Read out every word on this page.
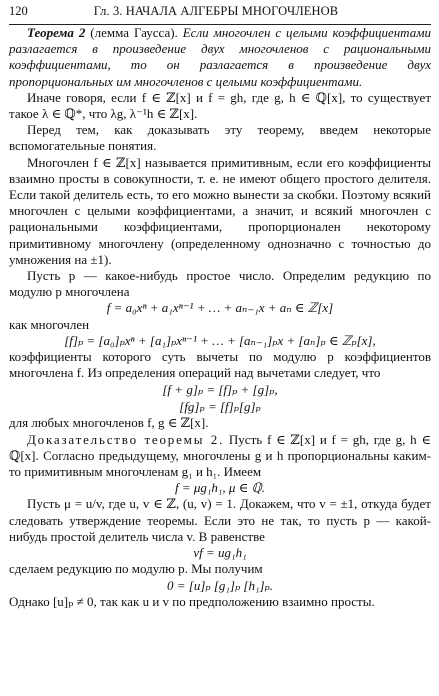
120	Гл. 3. НАЧАЛА АЛГЕБРЫ МНОГОЧЛЕНОВ

Теорема 2 (лемма Гаусса). Если многочлен с целыми коэффициентами разлагается в произведение двух многочленов с рациональными коэффициентами, то он разлагается в произведение двух пропорциональных им многочленов с целыми коэффициентами.

Иначе говоря, если f ∈ ℤ[x] и f = gh, где g, h ∈ ℚ[x], то существует такое λ ∈ ℚ*, что λg, λ⁻¹h ∈ ℤ[x].

Перед тем, как доказывать эту теорему, введем некоторые вспомогательные понятия.

Многочлен f ∈ ℤ[x] называется примитивным, если его коэффициенты взаимно просты в совокупности, т. е. не имеют общего простого делителя. Если такой делитель есть, то его можно вынести за скобки. Поэтому всякий многочлен с целыми коэффициентами, а значит, и всякий многочлен с рациональными коэффициентами, пропорционален некоторому примитивному многочлену (определенному однозначно с точностью до умножения на ±1).

Пусть p — какое-нибудь простое число. Определим редукцию по модулю p многочлена

f = a₀xⁿ + a₁xⁿ⁻¹ + … + aₙ₋₁x + aₙ ∈ ℤ[x]

как многочлен

[f]ₚ = [a₀]ₚxⁿ + [a₁]ₚxⁿ⁻¹ + … + [aₙ₋₁]ₚx + [aₙ]ₚ ∈ ℤₚ[x],

коэффициенты которого суть вычеты по модулю p коэффициентов многочлена f. Из определения операций над вычетами следует, что

[f + g]ₚ = [f]ₚ + [g]ₚ,

[fg]ₚ = [f]ₚ[g]ₚ

для любых многочленов f, g ∈ ℤ[x].

Доказательство теоремы 2. Пусть f ∈ ℤ[x] и f = gh, где g, h ∈ ℚ[x]. Согласно предыдущему, многочлены g и h пропорциональны каким-то примитивным многочленам g₁ и h₁. Имеем

f = μg₁h₁, μ ∈ ℚ.

Пусть μ = u/v, где u, v ∈ ℤ, (u, v) = 1. Докажем, что v = ±1, откуда будет следовать утверждение теоремы. Если это не так, то пусть p — какой-нибудь простой делитель числа v. В равенстве

vf = ug₁h₁

сделаем редукцию по модулю p. Мы получим

0 = [u]ₚ [g₁]ₚ [h₁]ₚ.

Однако [u]ₚ ≠ 0, так как u и v по предположению взаимно просты.
